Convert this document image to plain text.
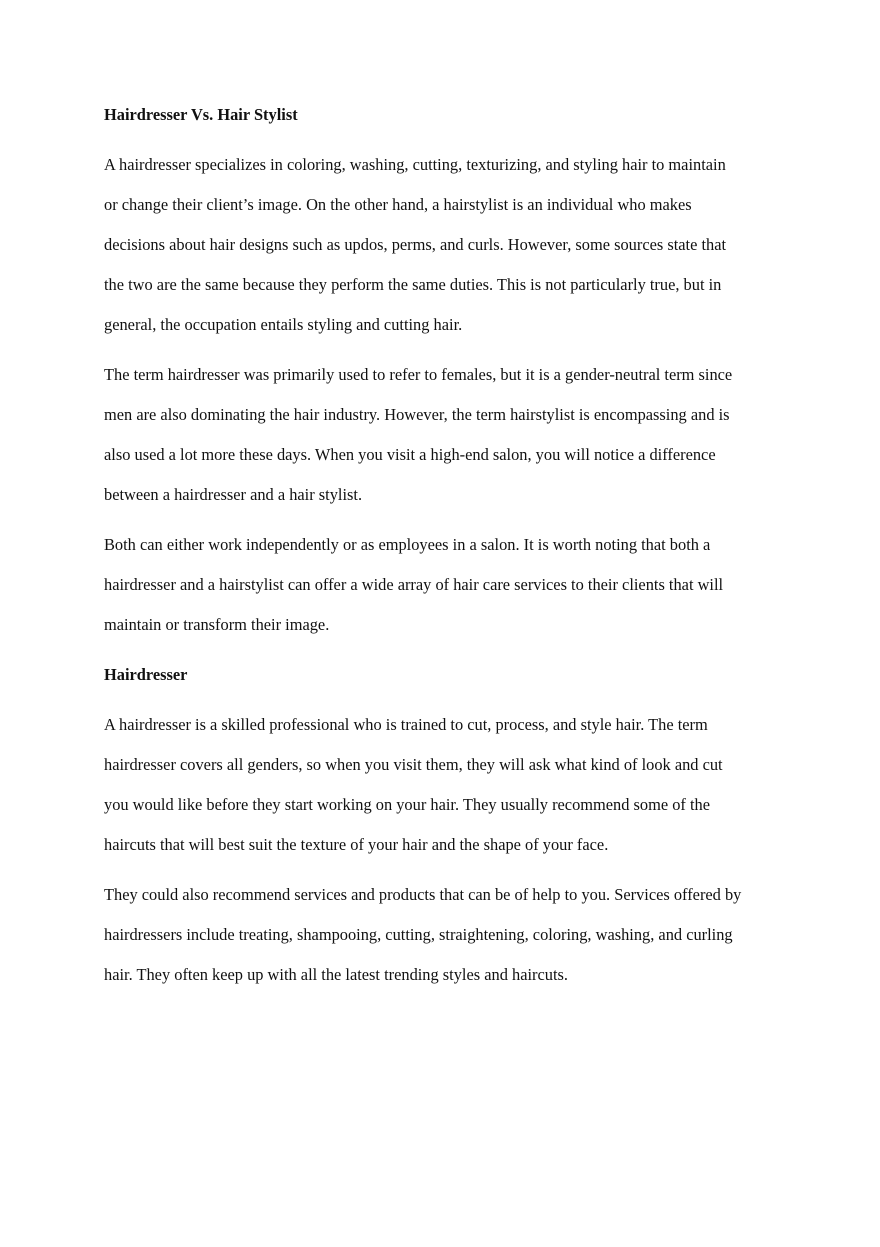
Hairdresser Vs. Hair Stylist
A hairdresser specializes in coloring, washing, cutting, texturizing, and styling hair to maintain
or change their client’s image. On the other hand, a hairstylist is an individual who makes
decisions about hair designs such as updos, perms, and curls. However, some sources state that
the two are the same because they perform the same duties. This is not particularly true, but in
general, the occupation entails styling and cutting hair.
The term hairdresser was primarily used to refer to females, but it is a gender-neutral term since
men are also dominating the hair industry. However, the term hairstylist is encompassing and is
also used a lot more these days. When you visit a high-end salon, you will notice a difference
between a hairdresser and a hair stylist.
Both can either work independently or as employees in a salon. It is worth noting that both a
hairdresser and a hairstylist can offer a wide array of hair care services to their clients that will
maintain or transform their image.
Hairdresser
A hairdresser is a skilled professional who is trained to cut, process, and style hair. The term
hairdresser covers all genders, so when you visit them, they will ask what kind of look and cut
you would like before they start working on your hair. They usually recommend some of the
haircuts that will best suit the texture of your hair and the shape of your face.
They could also recommend services and products that can be of help to you. Services offered by
hairdressers include treating, shampooing, cutting, straightening, coloring, washing, and curling
hair. They often keep up with all the latest trending styles and haircuts.
